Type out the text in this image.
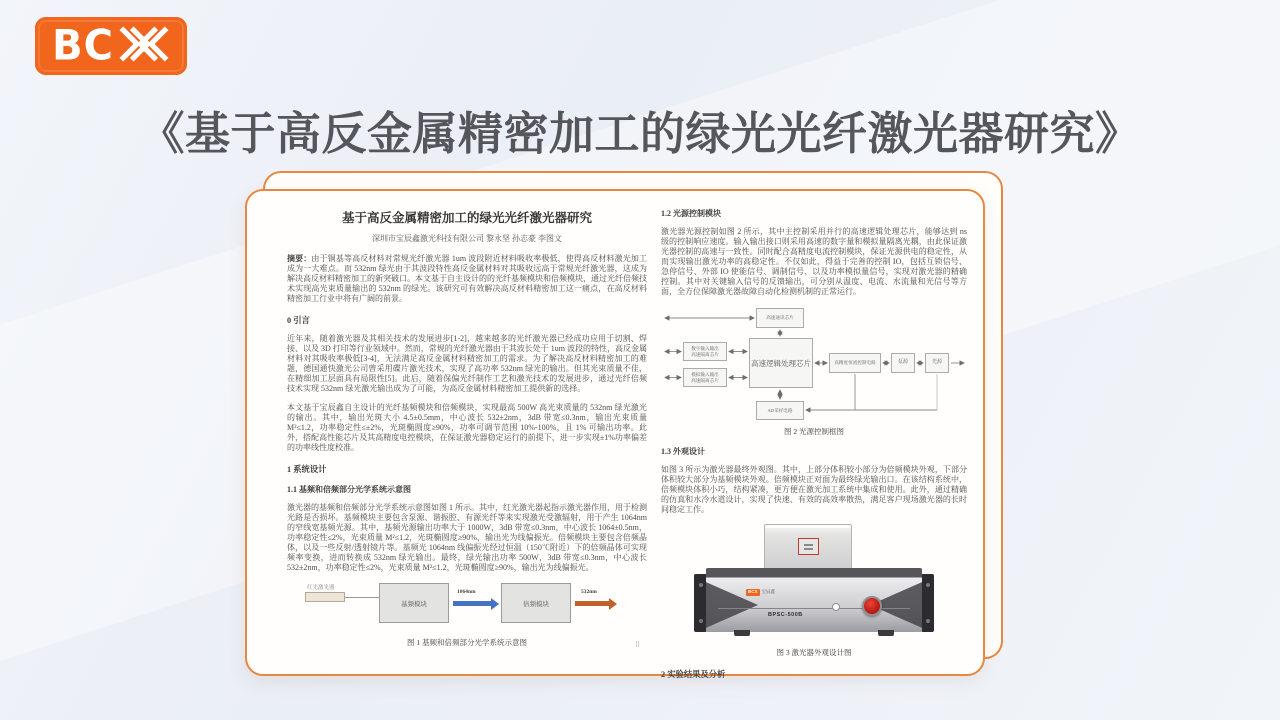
BC
《基于高反金属精密加工的绿光光纤激光器研究》
基于高反金属精密加工的绿光光纤激光器研究
深圳市宝辰鑫激光科技有限公司 黎永坚 孙志豪 李图文

摘要：由于铜基等高反材料对常规光纤激光器 1um 波段附近材料吸收率极低，使得高反材料激光加工成为一大难点。而 532nm 绿光由于其波段特性高反金属材料对其吸收远高于常规光纤激光器，这成为解决高反材料精密加工的新突破口。本文基于自主设计的的光纤基频模块和倍频模块，通过光纤倍频技术实现高光束质量输出的 532nm 的绿光。该研究可有效解决高反材料精密加工这一痛点，在高反材料精密加工行业中将有广阔的前景。

0 引言

近年来，随着激光器及其相关技术的发展进步[1-2]，越来越多的光纤激光器已经成功应用于切割、焊接、以及 3D 打印等行业领域中。然而，常规的光纤激光器由于其波长处于 1um 波段的特性，高反金属材料对其吸收率极低[3-4]，无法满足高反金属材料精密加工的需求。为了解决高反材料精密加工的难题，德国通快激光公司曾采用碟片激光技术，实现了高功率 532nm 绿光的输出。但其光束质量不佳，在精细加工层面具有局限性[5]。此后，随着保偏光纤制作工艺和激光技术的发展进步，通过光纤倍频技术实现 532nm 绿光激光输出成为了可能，为高反金属材料精密加工提供新的选择。

本文基于宝辰鑫自主设计的光纤基频模块和倍频模块，实现最高 500W 高光束质量的 532nm 绿光激光的输出。其中，输出光斑大小 4.5±0.5mm，中心波长 532±2nm，3dB 带宽≤0.3nm，输出光束质量 M²≤1.2，功率稳定性≤±2%，光斑椭圆度≥90%，功率可调节范围 10%-100%，且 1% 可输出功率。此外，搭配高性能芯片及其高精度电控模块，在保证激光器稳定运行的前提下，进一步实现±1%功率偏差的功率线性度校准。

1 系统设计
1.1 基频和倍频部分光学系统示意图

激光器的基频和倍频部分光学系统示意图如图 1 所示。其中，红光激光器起指示激光器作用，用于检测光路是否损坏。基频模块主要包含泵源、谐振腔、有源光纤等来实现激光受激辐射，用于产生 1064nm 的窄线宽基频光源。其中，基频光源输出功率大于 1000W，3dB 带宽≤0.3nm，中心波长 1064±0.5nm，功率稳定性≤2%，光束质量 M²≤1.2，光斑椭圆度≥90%，输出光为线偏振光。倍频模块主要包含倍频晶体，以及一些反射/透射镜片等。基频光 1064nm 线偏振光经过恒温（150℃附近）下的倍频晶体可实现频率变换，进而转换成 532nm 绿光输出。最终，绿光输出功率 500W，3dB 带宽≤0.3nm，中心波长 532±2nm，功率稳定性≤2%，光束质量 M²≤1.2，光斑椭圆度≥90%，输出光为线偏振光。

红光激光器
基频模块
1064nm
倍频模块
532nm
图 1 基频和倍频部分光学系统示意图
1.2 光源控制模块

激光器光源控制如图 2 所示，其中主控制采用并行的高速逻辑处理芯片，能够达到 ns 级的控制响应速度。输入输出接口则采用高速的数字量和模拟量隔离光耦，由此保证激光器控制的高速与一致性。同时配合高精度电流控制模块，保证光源供电的稳定性，从而实现输出激光功率的高稳定性。不仅如此，得益于完善的控制 IO，包括互锁信号、急停信号、外部 IO 使能信号、调制信号、以及功率模拟量信号，实现对激光器的精确控制。其中对关键输入信号的反馈输出，可分别从温度、电流、水流量和光信号等方面，全方位保障激光器故障自动化检测机制的正常运行。

高速通讯芯片
数字输入输出
高速隔离芯片
模拟输入输出
高速隔离芯片
高速逻辑处理芯片	高精度恒流控制电路	泵源	光源
AD采样电路
图 2 光源控制框图
1.3 外观设计

如图 3 所示为激光器最终外观图。其中，上部分体积较小部分为倍频模块外观，下部分体积较大部分为基频模块外观。倍频模块正对面为最终绿光输出口。在该结构系统中，倍频模块体积小巧，结构紧凑，更方便在激光加工系统中集成和使用。此外，通过精确的仿真和水冷水道设计，实现了快速、有效的高效率散热，满足客户现场激光器的长时间稳定工作。

BCX 宝辰鑫
BPSC-500B
图 3 激光器外观设计图
2 实验结果及分析
⠿
